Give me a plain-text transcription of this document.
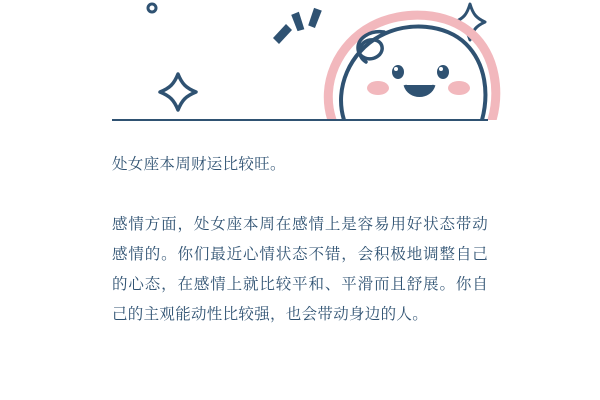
处女座本周财运比较旺。

感情方面，处女座本周在感情上是容易用好状态带动感情的。你们最近心情状态不错，会积极地调整自己的心态，在感情上就比较平和、平滑而且舒展。你自己的主观能动性比较强，也会带动身边的人。
